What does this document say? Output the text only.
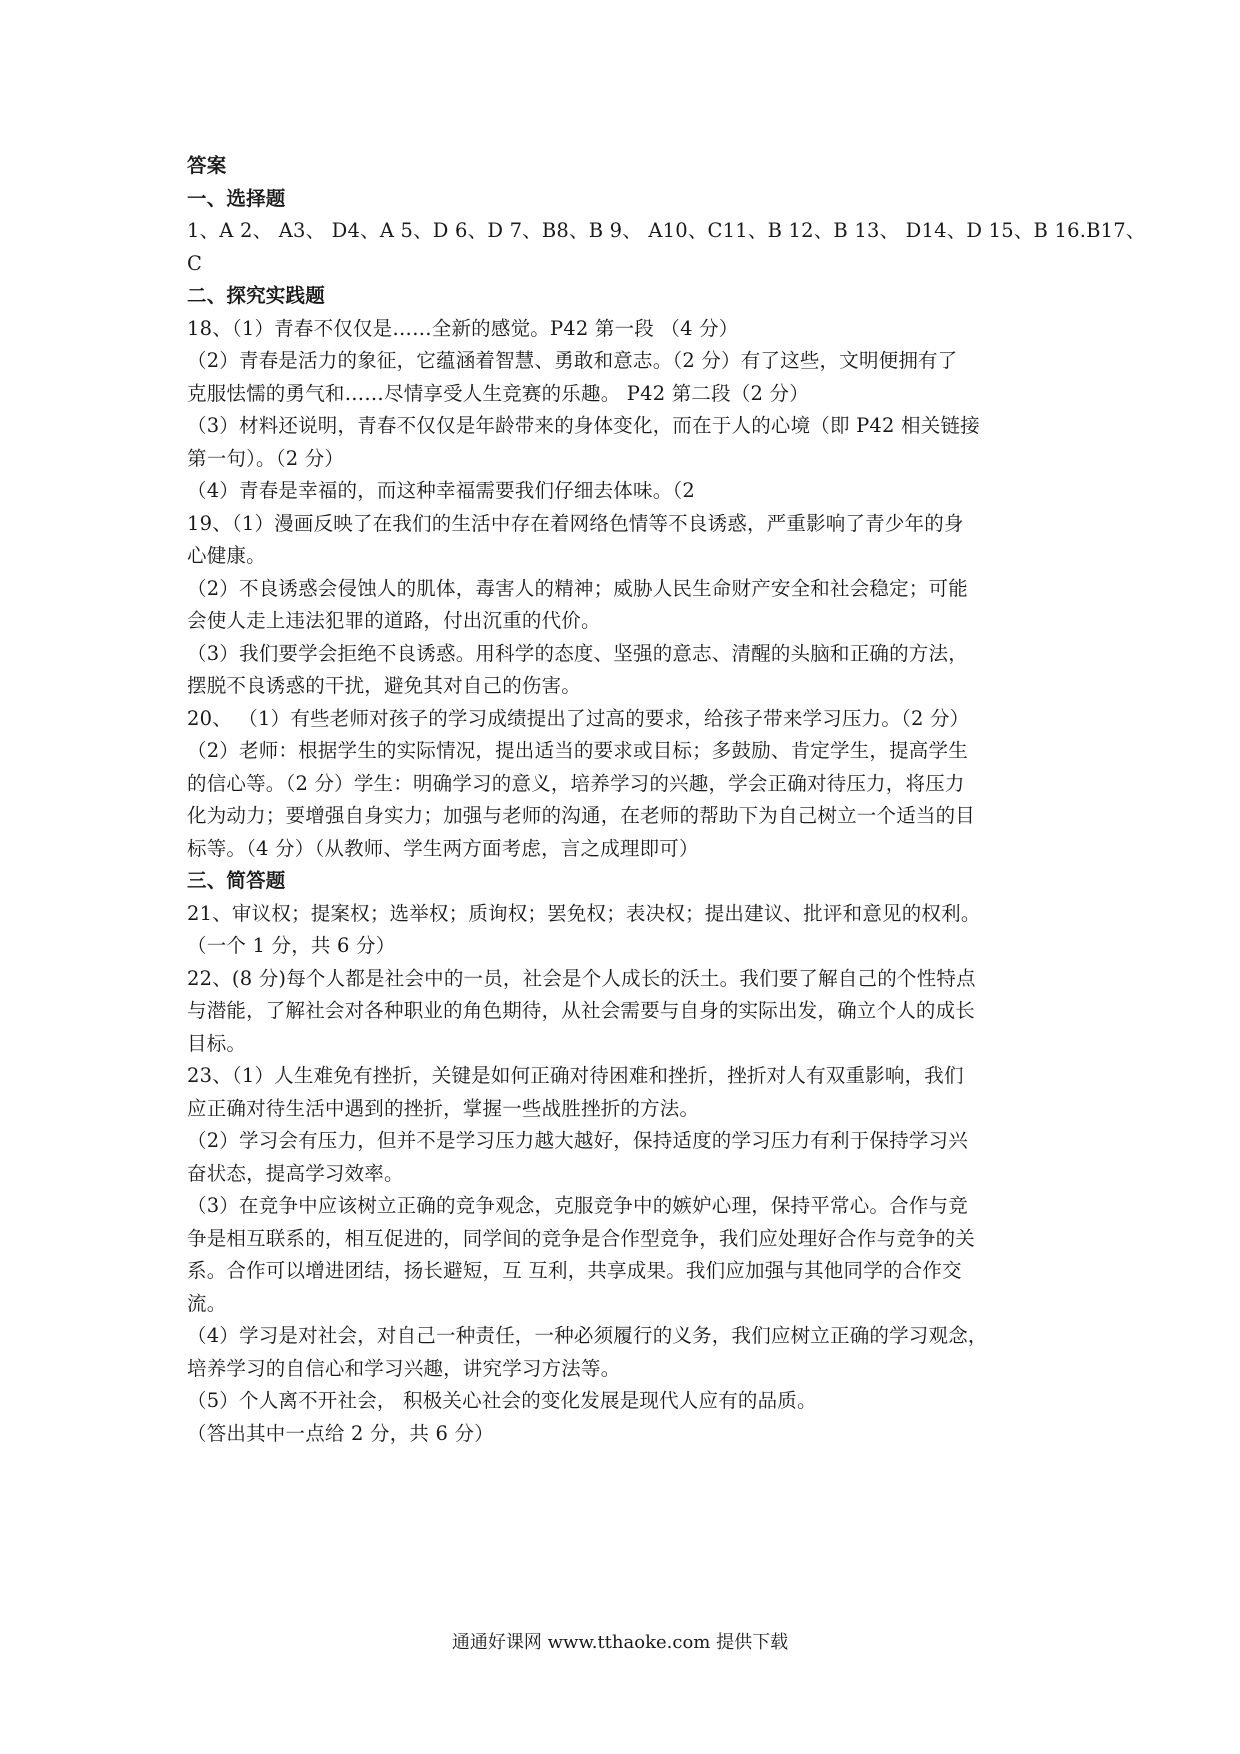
答案
一、选择题
1、A 2、 A3、 D4、A 5、D 6、D 7、B8、B 9、 A10、C11、B 12、B 13、 D14、D 15、B 16.B17、
C
二、探究实践题
18、（1）青春不仅仅是……全新的感觉。P42 第一段 （4 分）
（2）青春是活力的象征，它蕴涵着智慧、勇敢和意志。（2 分）有了这些，文明便拥有了
克服怯懦的勇气和……尽情享受人生竞赛的乐趣。 P42 第二段（2 分）
（3）材料还说明，青春不仅仅是年龄带来的身体变化，而在于人的心境（即 P42 相关链接
第一句）。（2 分）
（4）青春是幸福的，而这种幸福需要我们仔细去体味。（2
19、（1）漫画反映了在我们的生活中存在着网络色情等不良诱惑，严重影响了青少年的身
心健康。
（2）不良诱惑会侵蚀人的肌体，毒害人的精神；威胁人民生命财产安全和社会稳定；可能
会使人走上违法犯罪的道路，付出沉重的代价。
（3）我们要学会拒绝不良诱惑。用科学的态度、坚强的意志、清醒的头脑和正确的方法，
摆脱不良诱惑的干扰，避免其对自己的伤害。
20、 （1）有些老师对孩子的学习成绩提出了过高的要求，给孩子带来学习压力。（2 分）
（2）老师：根据学生的实际情况，提出适当的要求或目标；多鼓励、肯定学生，提高学生
的信心等。（2 分）学生：明确学习的意义，培养学习的兴趣，学会正确对待压力，将压力
化为动力；要增强自身实力；加强与老师的沟通，在老师的帮助下为自己树立一个适当的目
标等。（4 分）（从教师、学生两方面考虑，言之成理即可）
三、简答题
21、审议权；提案权；选举权；质询权；罢免权；表决权；提出建议、批评和意见的权利。
（一个 1 分，共 6 分）
22、(8 分)每个人都是社会中的一员，社会是个人成长的沃土。我们要了解自己的个性特点
与潜能，了解社会对各种职业的角色期待，从社会需要与自身的实际出发，确立个人的成长
目标。
23、（1）人生难免有挫折，关键是如何正确对待困难和挫折，挫折对人有双重影响，我们
应正确对待生活中遇到的挫折，掌握一些战胜挫折的方法。
（2）学习会有压力，但并不是学习压力越大越好，保持适度的学习压力有利于保持学习兴
奋状态，提高学习效率。
（3）在竞争中应该树立正确的竞争观念，克服竞争中的嫉妒心理，保持平常心。合作与竞
争是相互联系的，相互促进的，同学间的竞争是合作型竞争，我们应处理好合作与竞争的关
系。合作可以增进团结，扬长避短，互 互利，共享成果。我们应加强与其他同学的合作交
流。
（4）学习是对社会，对自己一种责任，一种必须履行的义务，我们应树立正确的学习观念，
培养学习的自信心和学习兴趣，讲究学习方法等。
（5）个人离不开社会， 积极关心社会的变化发展是现代人应有的品质。
（答出其中一点给 2 分，共 6 分）
通通好课网 www.tthaoke.com 提供下载
